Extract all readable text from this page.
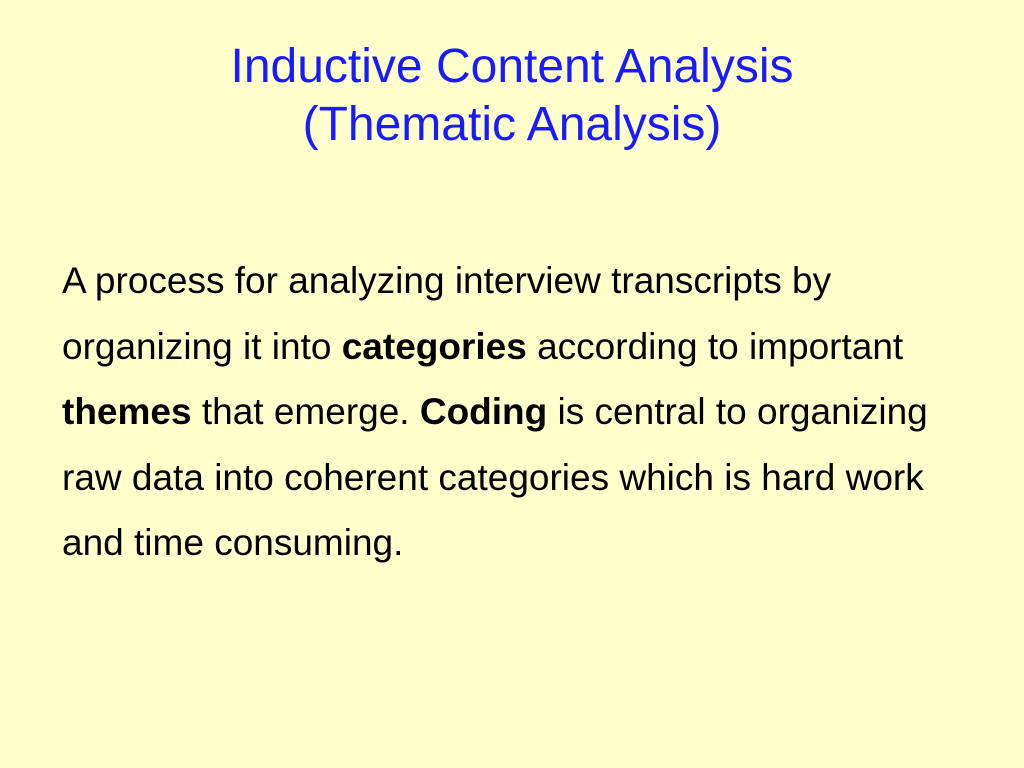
Inductive Content Analysis
(Thematic Analysis)

A process for analyzing interview transcripts by organizing it into categories according to important themes that emerge. Coding is central to organizing raw data into coherent categories which is hard work and time consuming.
